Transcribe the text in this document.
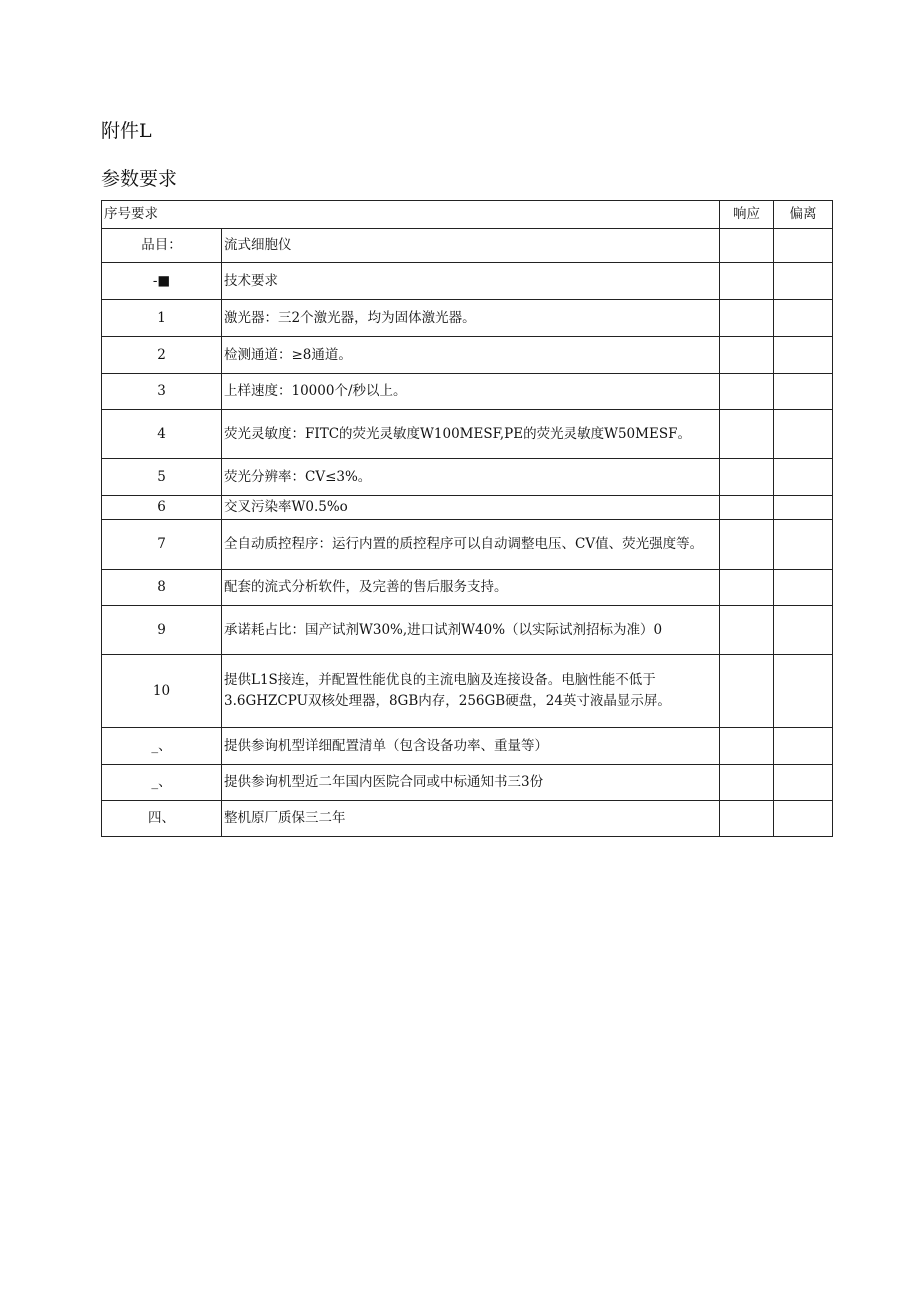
附件L
参数要求
序号要求		响应	偏离
品目：	流式细胞仪		
-■	技术要求		
1	激光器：三2个激光器，均为固体激光器。		
2	检测通道：≥8通道。		
3	上样速度：10000个/秒以上。		
4	荧光灵敏度：FITC的荧光灵敏度W100MESF,PE的荧光灵敏度W50MESF。		
5	荧光分辨率：CV≤3%。		
6	交叉污染率W0.5%o		
7	全自动质控程序：运行内置的质控程序可以自动调整电压、CV值、荧光强度等。		
8	配套的流式分析软件，及完善的售后服务支持。		
9	承诺耗占比：国产试剂W30%,进口试剂W40%（以实际试剂招标为准）0		
10	提供L1S接连，并配置性能优良的主流电脑及连接设备。电脑性能不低于3.6GHZCPU双核处理器，8GB内存，256GB硬盘，24英寸液晶显示屏。		
_、	提供参询机型详细配置清单（包含设备功率、重量等）		
_、	提供参询机型近二年国内医院合同或中标通知书三3份		
四、	整机原厂质保三二年		
